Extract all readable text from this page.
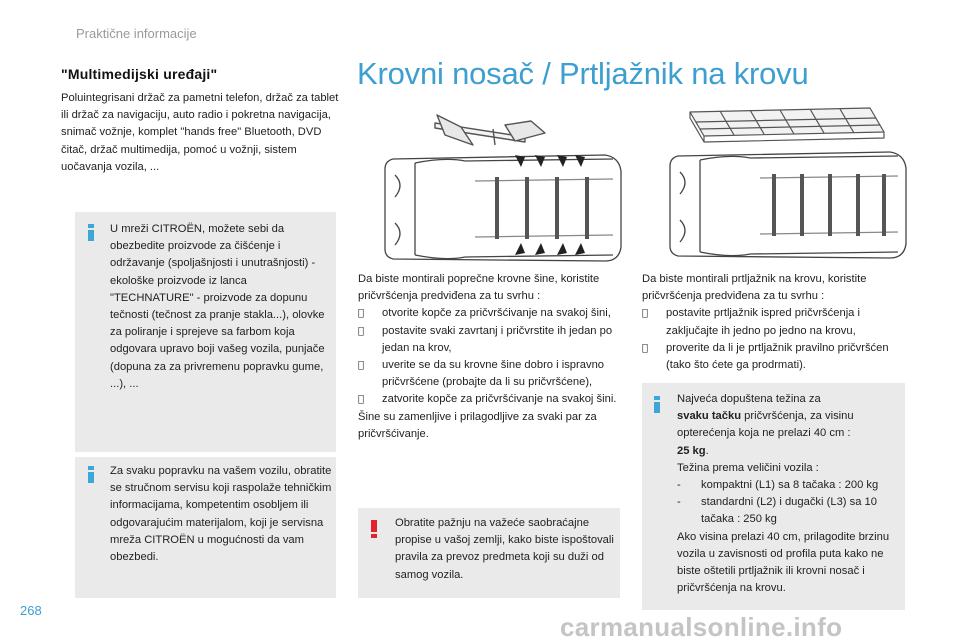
Praktične informacije
"Multimedijski uređaji"
Poluintegrisani držač za pametni telefon, držač za tablet ili držač za navigaciju, auto radio i pokretna navigacija, snimač vožnje, komplet "hands free" Bluetooth, DVD čitač, držač multimedija, pomoć u vožnji, sistem uočavanja vozila, ...
U mreži CITROËN, možete sebi da obezbedite proizvode za čišćenje i održavanje (spoljašnjosti i unutrašnjosti) - ekološke proizvode iz lanca "TECHNATURE" - proizvode za dopunu tečnosti (tečnost za pranje stakla...), olovke za poliranje i sprejeve sa farbom koja odgovara upravo boji vašeg vozila, punjače (dopuna za za privremenu popravku gume, ...), ...
Za svaku popravku na vašem vozilu, obratite se stručnom servisu koji raspolaže tehničkim informacijama, kompetentim osobljem ili odgovarajućim materijalom, koji je servisna mreža CITROËN u mogućnosti da vam obezbedi.
Krovni nosač / Prtljažnik na krovu

Da biste montirali poprečne krovne šine, koristite pričvršćenja predviđena za tu svrhu :

otvorite kopče za pričvršćivanje na svakoj šini,
postavite svaki zavrtanj i pričvrstite ih jedan po jedan na krov,
uverite se da su krovne šine dobro i ispravno pričvršćene (probajte da li su pričvršćene),
zatvorite kopče za pričvršćivanje na svakoj šini.

Šine su zamenljive i prilagodljive za svaki par za pričvršćivanje.

Obratite pažnju na važeće saobraćajne propise u vašoj zemlji, kako biste ispoštovali pravila za prevoz predmeta koji su duži od samog vozila.

Da biste montirali prtljažnik na krovu, koristite pričvršćenja predviđena za tu svrhu :

postavite prtljažnik ispred pričvršćenja i zaključajte ih jedno po jedno na krovu,
proverite da li je prtljažnik pravilno pričvršćen (tako što ćete ga prodrmati).
Najveća dopuštena težina za
svaku tačku pričvršćenja, za visinu opterećenja koja ne prelazi 40 cm :
25 kg.
Težina prema veličini vozila :
- kompaktni (L1) sa 8 tačaka : 200 kg
- standardni (L2) i dugački (L3) sa 10 tačaka : 250 kg
Ako visina prelazi 40 cm, prilagodite brzinu vozila u zavisnosti od profila puta kako ne biste oštetili prtljažnik ili krovni nosač i pričvršćenja na krovu.
268
carmanualsonline.info
